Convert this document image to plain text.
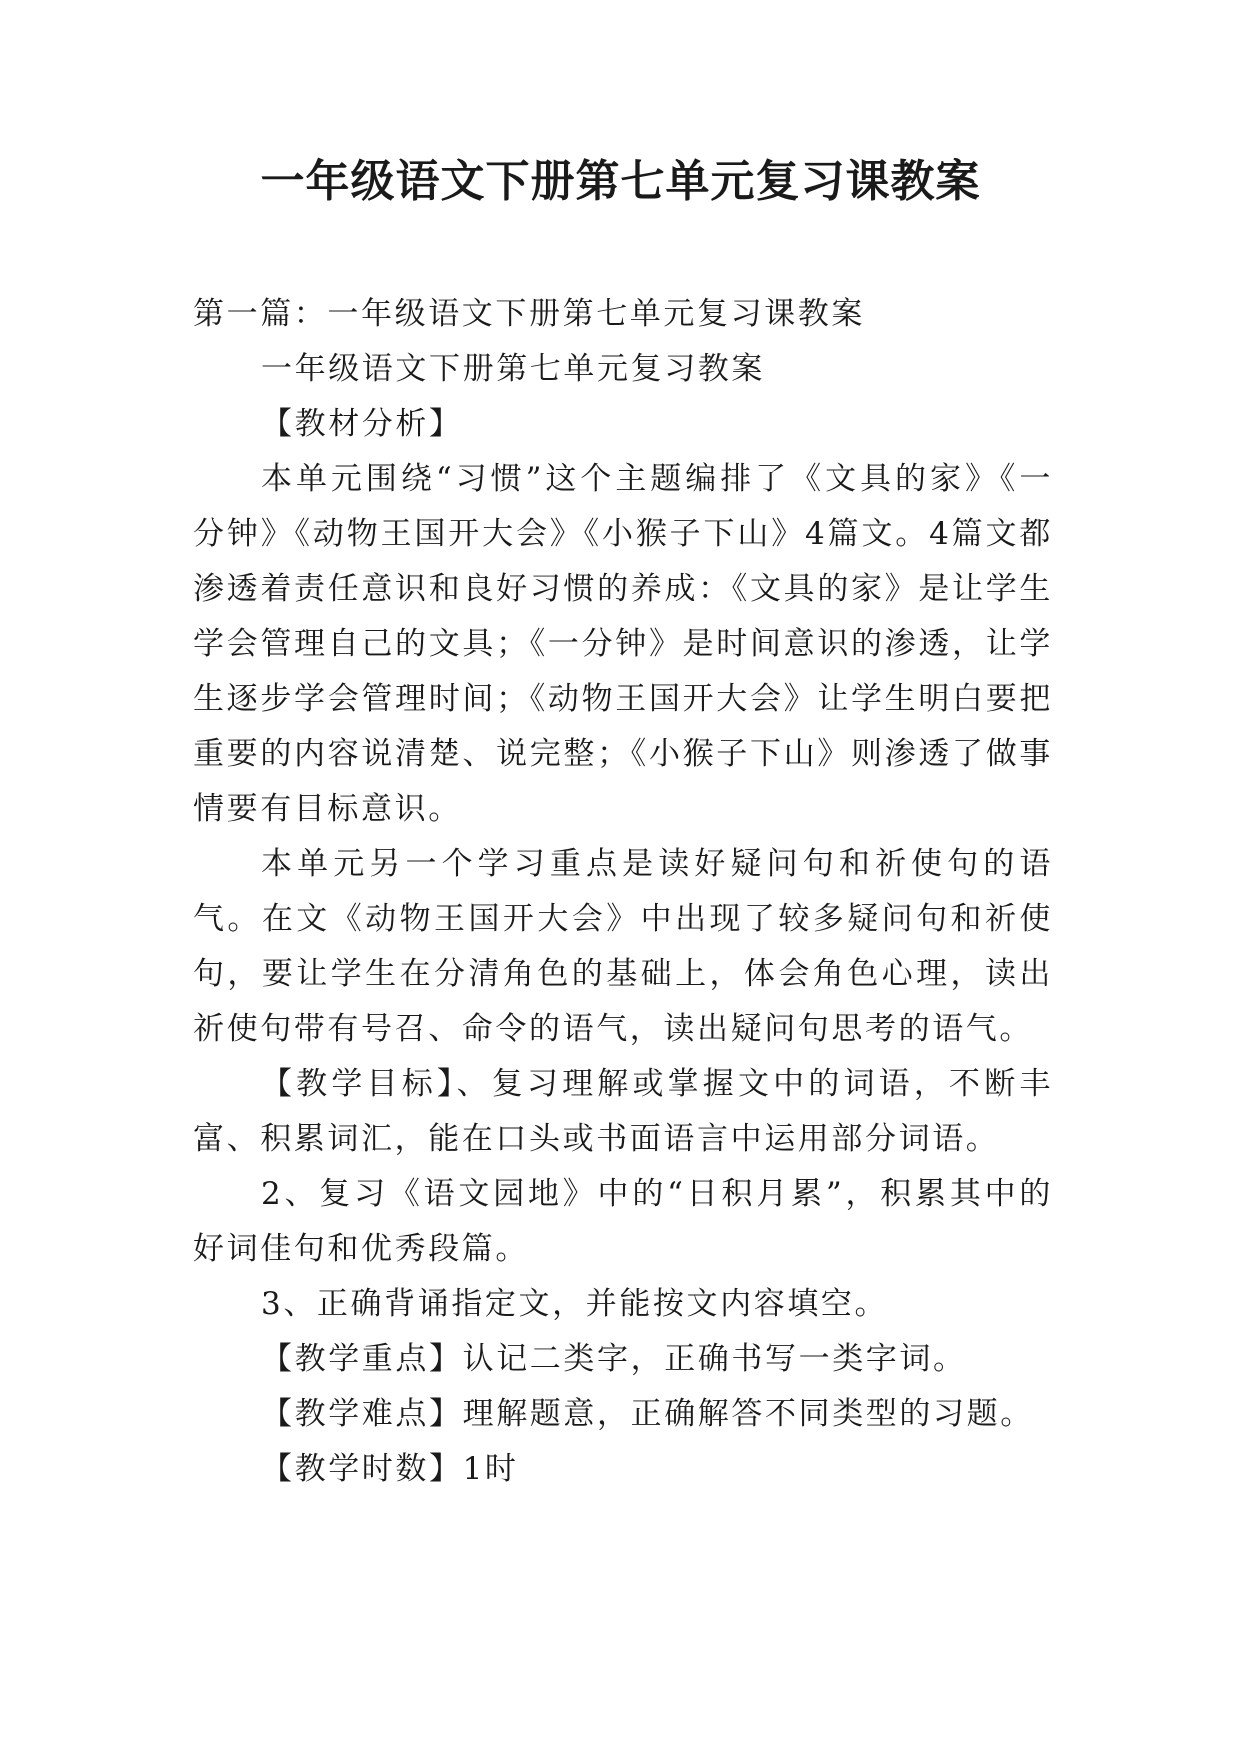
一年级语文下册第七单元复习课教案

第一篇：一年级语文下册第七单元复习课教案

一年级语文下册第七单元复习教案

【教材分析】

本单元围绕“习惯”这个主题编排了《文具的家》《一分钟》《动物王国开大会》《小猴子下山》4篇文。4篇文都渗透着责任意识和良好习惯的养成：《文具的家》是让学生学会管理自己的文具；《一分钟》是时间意识的渗透，让学生逐步学会管理时间；《动物王国开大会》让学生明白要把重要的内容说清楚、说完整；《小猴子下山》则渗透了做事情要有目标意识。

本单元另一个学习重点是读好疑问句和祈使句的语气。在文《动物王国开大会》中出现了较多疑问句和祈使句，要让学生在分清角色的基础上，体会角色心理，读出祈使句带有号召、命令的语气，读出疑问句思考的语气。

【教学目标】、复习理解或掌握文中的词语，不断丰富、积累词汇，能在口头或书面语言中运用部分词语。

2、复习《语文园地》中的“日积月累”，积累其中的好词佳句和优秀段篇。

3、正确背诵指定文，并能按文内容填空。

【教学重点】认记二类字，正确书写一类字词。

【教学难点】理解题意，正确解答不同类型的习题。

【教学时数】1时
